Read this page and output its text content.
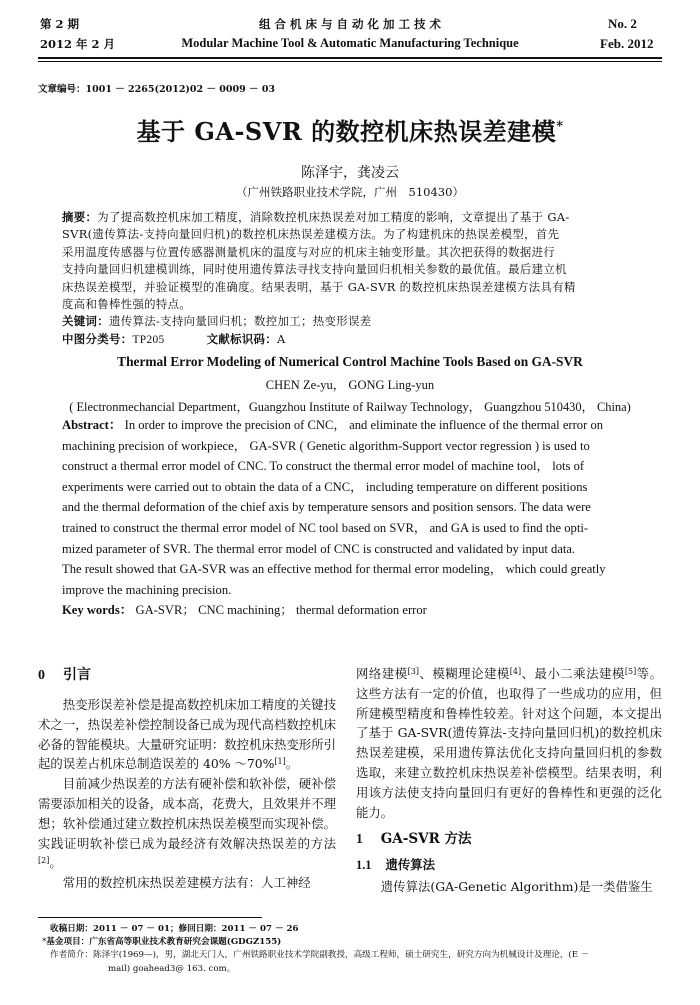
第 2 期	组 合 机 床 与 自 动 化 加 工 技 术	No. 2
2012 年 2 月	Modular Machine Tool & Automatic Manufacturing Technique	Feb. 2012
文章编号：1001 － 2265(2012)02 － 0009 － 03
基于 GA-SVR 的数控机床热误差建模*
陈泽宇，龚凌云
（广州铁路职业技术学院，广州　510430）
摘要：为了提高数控机床加工精度，消除数控机床热误差对加工精度的影响，文章提出了基于 GA-
SVR(遗传算法-支持向量回归机)的数控机床热误差建模方法。为了构建机床的热误差模型，首先
采用温度传感器与位置传感器测量机床的温度与对应的机床主轴变形量。其次把获得的数据进行
支持向量回归机建模训练，同时使用遗传算法寻找支持向量回归机相关参数的最优值。最后建立机
床热误差模型，并验证模型的准确度。结果表明，基于 GA-SVR 的数控机床热误差建模方法具有精
度高和鲁棒性强的特点。
关键词：遗传算法-支持向量回归机；数控加工；热变形误差
中图分类号：TP205	文献标识码：A
Thermal Error Modeling of Numerical Control Machine Tools Based on GA-SVR
CHEN Ze-yu， GONG Ling-yun
( Electronmechancial Department，Guangzhou Institute of Railway Technology， Guangzhou 510430， China)
Abstract： In order to improve the precision of CNC， and eliminate the influence of the thermal error on
machining precision of workpiece， GA-SVR ( Genetic algorithm-Support vector regression ) is used to
construct a thermal error model of CNC. To construct the thermal error model of machine tool， lots of
experiments were carried out to obtain the data of a CNC， including temperature on different positions
and the thermal deformation of the chief axis by temperature sensors and position sensors. The data were
trained to construct the thermal error model of NC tool based on SVR， and GA is used to find the opti-
mized parameter of SVR. The thermal error model of CNC is constructed and validated by input data.
The result showed that GA-SVR was an effective method for thermal error modeling， which could greatly
improve the machining precision.
Key words： GA-SVR； CNC machining； thermal deformation error
0 引言

热变形误差补偿是提高数控机床加工精度的关键技术之一，热误差补偿控制设备已成为现代高档数控机床必备的智能模块。大量研究证明：数控机床热变形所引起的误差占机床总制造误差的 40% ～70%[1]。

目前减少热误差的方法有硬补偿和软补偿，硬补偿需要添加相关的设备，成本高，花费大，且效果并不理想；软补偿通过建立数控机床热误差模型而实现补偿。实践证明软补偿已成为最经济有效解决热误差的方法[2]。

常用的数控机床热误差建模方法有：人工神经

网络建模[3]、模糊理论建模[4]、最小二乘法建模[5]等。这些方法有一定的价值，也取得了一些成功的应用，但所建模型精度和鲁棒性较差。针对这个问题，本文提出了基于 GA-SVR(遗传算法-支持向量回归机)的数控机床热误差建模，采用遗传算法优化支持向量回归机的参数选取，来建立数控机床热误差补偿模型。结果表明，利用该方法使支持向量回归有更好的鲁棒性和更强的泛化能力。

1 GA-SVR 方法
1.1 遗传算法

遗传算法(GA-Genetic Algorithm)是一类借鉴生

收稿日期：2011 － 07 － 01；修回日期：2011 － 07 － 26
*基金项目：广东省高等职业技术教育研究会课题(GDGZ155)
作者简介：陈泽宇(1969—)，男，湖北天门人，广州铁路职业技术学院副教授，高级工程师，硕士研究生，研究方向为机械设计及理论，(E －
mail) goahead3@ 163. com。
